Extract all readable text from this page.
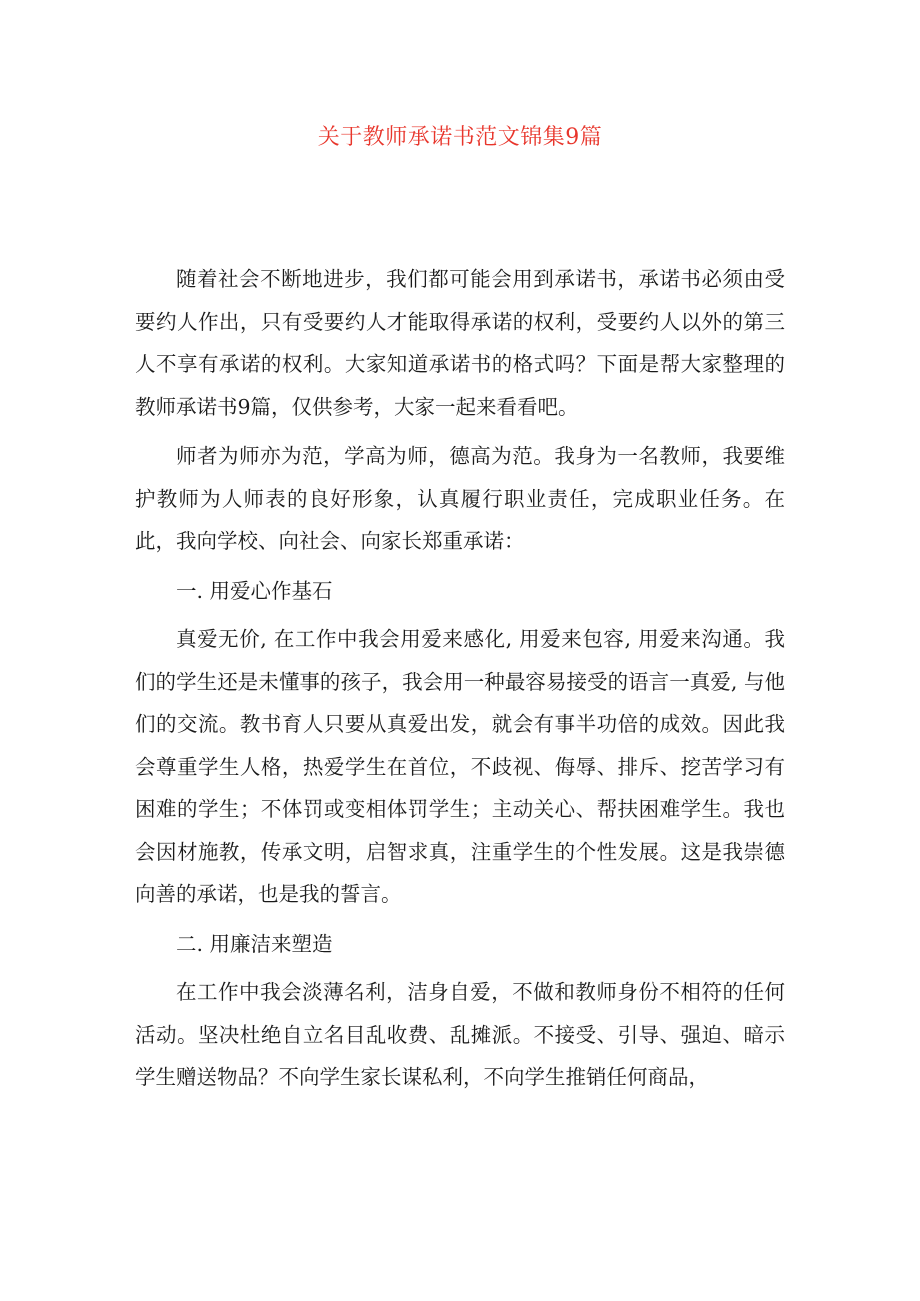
关于教师承诺书范文锦集9篇

随着社会不断地进步，我们都可能会用到承诺书，承诺书必须由受要约人作出，只有受要约人才能取得承诺的权利，受要约人以外的第三人不享有承诺的权利。大家知道承诺书的格式吗？下面是帮大家整理的教师承诺书9篇，仅供参考，大家一起来看看吧。

师者为师亦为范，学高为师，德高为范。我身为一名教师，我要维护教师为人师表的良好形象，认真履行职业责任，完成职业任务。在此，我向学校、向社会、向家长郑重承诺：

一. 用爱心作基石

真爱无价, 在工作中我会用爱来感化, 用爱来包容, 用爱来沟通。我们的学生还是未懂事的孩子，我会用一种最容易接受的语言一真爱, 与他们的交流。教书育人只要从真爱出发，就会有事半功倍的成效。因此我会尊重学生人格，热爱学生在首位，不歧视、侮辱、排斥、挖苦学习有困难的学生；不体罚或变相体罚学生；主动关心、帮扶困难学生。我也会因材施教，传承文明，启智求真，注重学生的个性发展。这是我崇德向善的承诺，也是我的誓言。

二. 用廉洁来塑造

在工作中我会淡薄名利，洁身自爱，不做和教师身份不相符的任何活动。坚决杜绝自立名目乱收费、乱摊派。不接受、引导、强迫、暗示学生赠送物品？不向学生家长谋私利，不向学生推销任何商品，
